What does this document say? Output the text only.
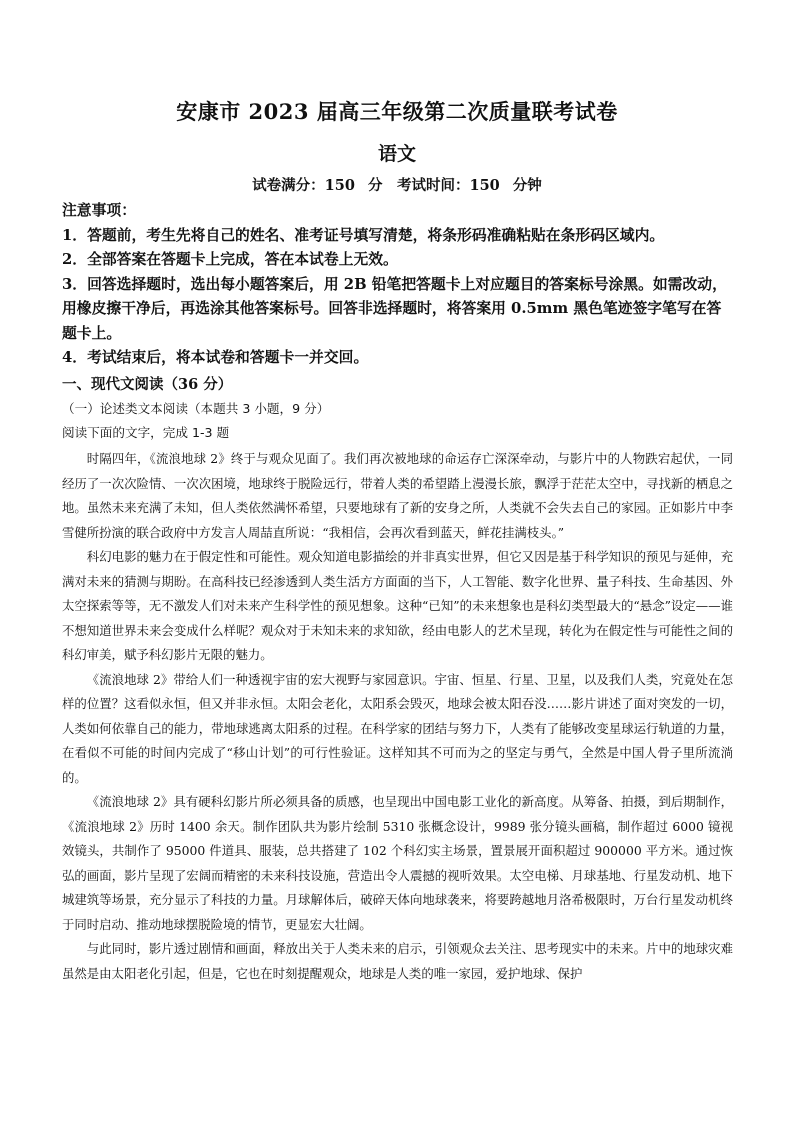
安康市 2023 届高三年级第二次质量联考试卷
语文
试卷满分：150 分　考试时间：150 分钟

注意事项：

1．答题前，考生先将自己的姓名、准考证号填写清楚，将条形码准确粘贴在条形码区域内。

2．全部答案在答题卡上完成，答在本试卷上无效。

3．回答选择题时，选出每小题答案后，用 2B 铅笔把答题卡上对应题目的答案标号涂黑。如需改动，用橡皮擦干净后，再选涂其他答案标号。回答非选择题时，将答案用 0.5mm 黑色笔迹签字笔写在答题卡上。

4．考试结束后，将本试卷和答题卡一并交回。

一、现代文阅读（36 分）
（一）论述类文本阅读（本题共 3 小题，9 分）
阅读下面的文字，完成 1-3 题

时隔四年，《流浪地球 2》终于与观众见面了。我们再次被地球的命运存亡深深牵动，与影片中的人物跌宕起伏，一同经历了一次次险情、一次次困境，地球终于脱险远行，带着人类的希望踏上漫漫长旅，飘浮于茫茫太空中，寻找新的栖息之地。虽然未来充满了未知，但人类依然满怀希望，只要地球有了新的安身之所，人类就不会失去自己的家园。正如影片中李雪健所扮演的联合政府中方发言人周喆直所说：“我相信，会再次看到蓝天，鲜花挂满枝头。”

科幻电影的魅力在于假定性和可能性。观众知道电影描绘的并非真实世界，但它又因是基于科学知识的预见与延伸，充满对未来的猜测与期盼。在高科技已经渗透到人类生活方方面面的当下，人工智能、数字化世界、量子科技、生命基因、外太空探索等等，无不激发人们对未来产生科学性的预见想象。这种“已知”的未来想象也是科幻类型最大的“悬念”设定——谁不想知道世界未来会变成什么样呢？观众对于未知未来的求知欲，经由电影人的艺术呈现，转化为在假定性与可能性之间的科幻审美，赋予科幻影片无限的魅力。

《流浪地球 2》带给人们一种透视宇宙的宏大视野与家园意识。宇宙、恒星、行星、卫星，以及我们人类，究竟处在怎样的位置？这看似永恒，但又并非永恒。太阳会老化，太阳系会毁灭，地球会被太阳吞没……影片讲述了面对突发的一切，人类如何依靠自己的能力，带地球逃离太阳系的过程。在科学家的团结与努力下，人类有了能够改变星球运行轨道的力量，在看似不可能的时间内完成了“移山计划”的可行性验证。这样知其不可而为之的坚定与勇气，全然是中国人骨子里所流淌的。

《流浪地球 2》具有硬科幻影片所必须具备的质感，也呈现出中国电影工业化的新高度。从筹备、拍摄，到后期制作，《流浪地球 2》历时 1400 余天。制作团队共为影片绘制 5310 张概念设计，9989 张分镜头画稿，制作超过 6000 镜视效镜头，共制作了 95000 件道具、服装，总共搭建了 102 个科幻实主场景，置景展开面积超过 900000 平方米。通过恢弘的画面，影片呈现了宏阔而精密的未来科技设施，营造出令人震撼的视听效果。太空电梯、月球基地、行星发动机、地下城建筑等场景，充分显示了科技的力量。月球解体后，破碎天体向地球袭来，将要跨越地月洛希极限时，万台行星发动机终于同时启动、推动地球摆脱险境的情节，更显宏大壮阔。

与此同时，影片透过剧情和画面，释放出关于人类未来的启示，引领观众去关注、思考现实中的未来。片中的地球灾难虽然是由太阳老化引起，但是，它也在时刻提醒观众，地球是人类的唯一家园，爱护地球、保护
